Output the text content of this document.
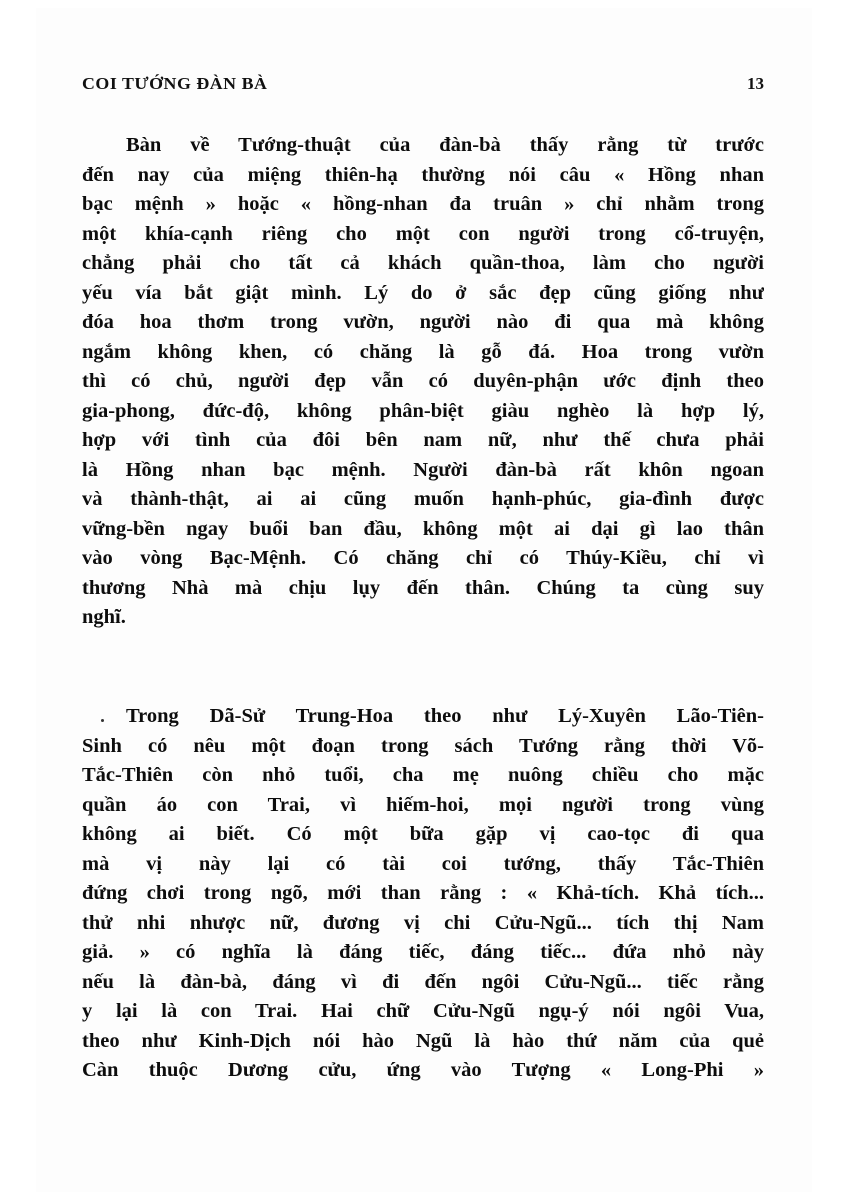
COI TƯỚNG ĐÀN BÀ	13
Bàn về Tướng-thuật của đàn-bà thấy rằng từ trước
đến nay của miệng thiên-hạ thường nói câu « Hồng nhan
bạc mệnh » hoặc « hồng-nhan đa truân » chỉ nhằm trong
một khía-cạnh riêng cho một con người trong cổ-truyện,
chẳng phải cho tất cả khách quần-thoa, làm cho người
yếu vía bắt giật mình. Lý do ở sắc đẹp cũng giống như
đóa hoa thơm trong vườn, người nào đi qua mà không
ngắm không khen, có chăng là gỗ đá. Hoa trong vườn
thì có chủ, người đẹp vẫn có duyên-phận ước định theo
gia-phong, đức-độ, không phân-biệt giàu nghèo là hợp lý,
hợp với tình của đôi bên nam nữ, như thế chưa phải
là Hồng nhan bạc mệnh. Người đàn-bà rất khôn ngoan
và thành-thật, ai ai cũng muốn hạnh-phúc, gia-đình được
vững-bền ngay buổi ban đầu, không một ai dại gì lao thân
vào vòng Bạc-Mệnh. Có chăng chỉ có Thúy-Kiều, chỉ vì
thương Nhà mà chịu lụy đến thân. Chúng ta cùng suy
nghĩ.
Trong Dã-Sử Trung-Hoa theo như Lý-Xuyên Lão-Tiên-
Sinh có nêu một đoạn trong sách Tướng rằng thời Võ-
Tắc-Thiên còn nhỏ tuổi, cha mẹ nuông chiều cho mặc
quần áo con Trai, vì hiếm-hoi, mọi người trong vùng
không ai biết. Có một bữa gặp vị cao-tọc đi qua
mà vị này lại có tài coi tướng, thấy Tắc-Thiên
đứng chơi trong ngõ, mới than rằng : « Khả-tích. Khả tích...
thử nhi nhược nữ, đương vị chi Cửu-Ngũ... tích thị Nam
giả. » có nghĩa là đáng tiếc, đáng tiếc... đứa nhỏ này
nếu là đàn-bà, đáng vì đi đến ngôi Cửu-Ngũ... tiếc rằng
y lại là con Trai. Hai chữ Cửu-Ngũ ngụ-ý nói ngôi Vua,
theo như Kinh-Dịch nói hào Ngũ là hào thứ năm của quẻ
Càn thuộc Dương cửu, ứng vào Tượng « Long-Phi »
